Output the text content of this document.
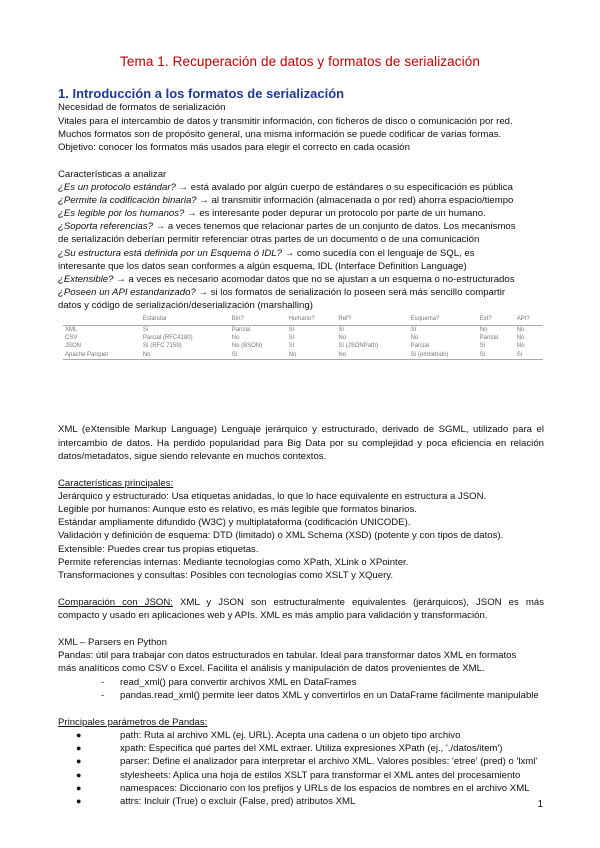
Tema 1. Recuperación de datos y formatos de serialización
1. Introducción a los formatos de serialización
Necesidad de formatos de serialización
Vitales para el intercambio de datos y transmitir información, con ficheros de disco o comunicación por red.
Muchos formatos son de propósito general, una misma información se puede codificar de varias formas.
Objetivo: conocer los formatos más usados para elegir el correcto en cada ocasión
Características a analizar
¿Es un protocolo estándar? → está avalado por algún cuerpo de estándares o su especificación es pública
¿Permite la codificación binaria? → al transmitir información (almacenada o por red) ahorra espacio/tiempo
¿Es legible por los humanos? → es interesante poder depurar un protocolo por parte de un humano.
¿Soporta referencias? → a veces tenemos que relacionar partes de un conjunto de datos. Los mecanismos
de serialización deberían permitir referenciar otras partes de un documento o de una comunicación
¿Su estructura está definida por un Esquema ó IDL? → como sucedía con el lenguaje de SQL, es
interesante que los datos sean conformes a algún esquema, IDL (Interface Definition Language)
¿Extensible? → a veces es necesario acomodar datos que no se ajustan a un esquema o no-estructurados
¿Poseen un API estandarizado? → si los formatos de serialización lo poseen será más sencillo compartir
datos y código de serialización/deserialización (marshalling)
	Estándar	Bin?	Humano?	Ref?	Esquema?	Ext?	API?
XML	Sí	Parcial	Sí	Sí	Sí	No	No
CSV	Parcial (RFC4180)	No	Sí	No	No	Parcial	No
JSON	Sí (RFC 7159)	No (BSON)	Sí	Sí (JSONPath)	Parcial	Sí	No
Apache Parquet	No	Sí	No	No	Sí (embebido)	Sí	Sí
XML (eXtensible Markup Language) Lenguaje jerárquico y estructurado, derivado de SGML, utilizado para el
intercambio de datos. Ha perdido popularidad para Big Data por su complejidad y poca eficiencia en relación
datos/metadatos, sigue siendo relevante en muchos contextos.
Características principales:
Jerárquico y estructurado: Usa etiquetas anidadas, lo que lo hace equivalente en estructura a JSON.
Legible por humanos: Aunque esto es relativo, es más legible que formatos binarios.
Estándar ampliamente difundido (W3C) y multiplataforma (codificación UNICODE).
Validación y definición de esquema: DTD (limitado) o XML Schema (XSD) (potente y con tipos de datos).
Extensible: Puedes crear tus propias etiquetas.
Permite referencias internas: Mediante tecnologías como XPath, XLink o XPointer.
Transformaciones y consultas: Posibles con tecnologías como XSLT y XQuery.
Comparación con JSON: XML y JSON son estructuralmente equivalentes (jerárquicos), JSON es más
compacto y usado en aplicaciones web y APIs. XML es más amplio para validación y transformación.
XML – Parsers en Python
Pandas: útil para trabajar con datos estructurados en tabular. Ideal para transformar datos XML en formatos
más analíticos como CSV o Excel. Facilita el análisis y manipulación de datos provenientes de XML.
- read_xml() para convertir archivos XML en DataFrames
- pandas.read_xml() permite leer datos XML y convertirlos en un DataFrame fácilmente manipulable
Principales parámetros de Pandas:
●	path: Ruta al archivo XML (ej. URL). Acepta una cadena o un objeto tipo archivo
●	xpath: Especifica qué partes del XML extraer. Utiliza expresiones XPath (ej., './datos/item')
●	parser: Define el analizador para interpretar el archivo XML. Valores posibles: 'etree' (pred) o 'lxml'
●	stylesheets: Aplica una hoja de estilos XSLT para transformar el XML antes del procesamiento
●	namespaces: Diccionario con los prefijos y URLs de los espacios de nombres en el archivo XML
●	attrs: Incluir (True) o excluir (False, pred) atributos XML	1
